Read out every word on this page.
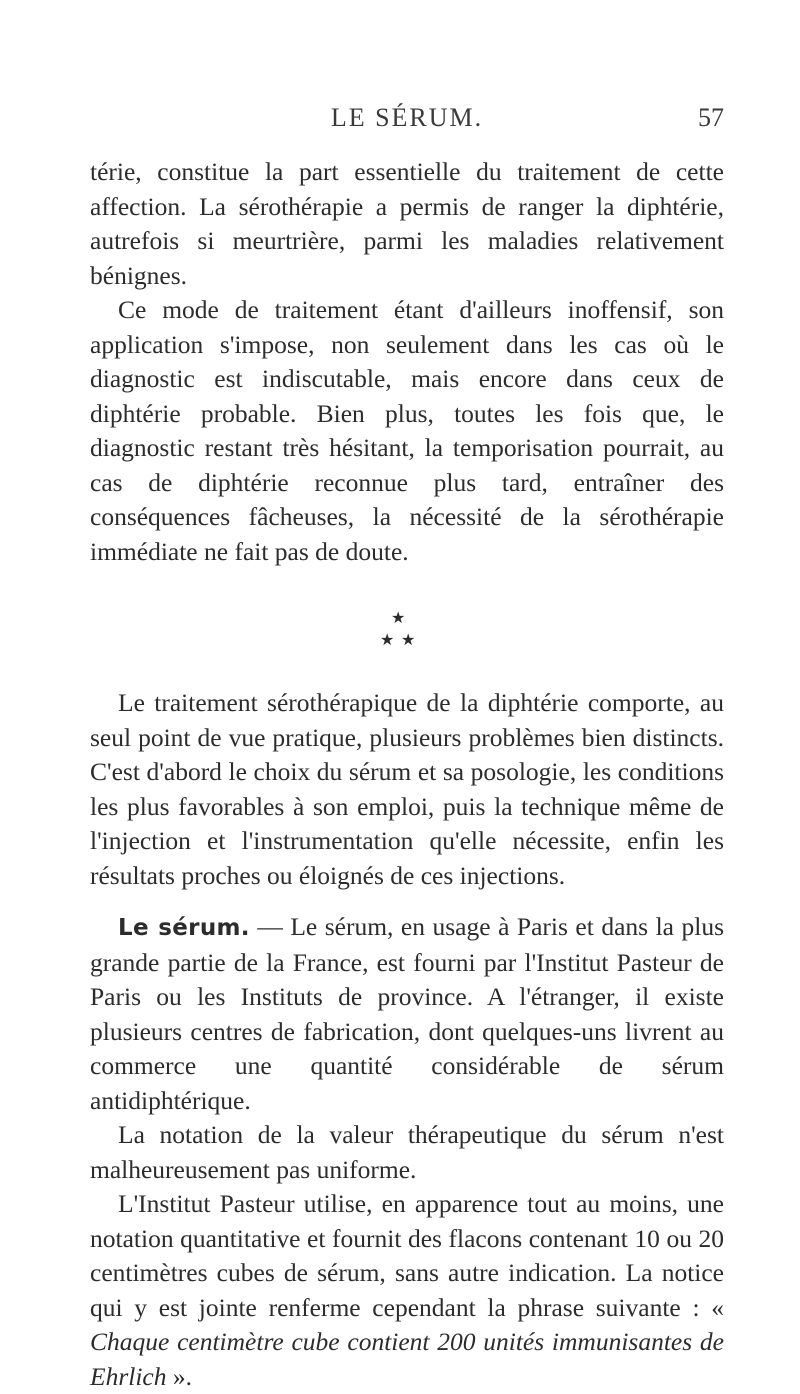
LE SÉRUM.	57

térie, constitue la part essentielle du traitement de cette affection. La sérothérapie a permis de ranger la diphtérie, autrefois si meurtrière, parmi les maladies relativement bénignes.

Ce mode de traitement étant d'ailleurs inoffensif, son application s'impose, non seulement dans les cas où le diagnostic est indiscutable, mais encore dans ceux de diphtérie probable. Bien plus, toutes les fois que, le diagnostic restant très hésitant, la temporisation pourrait, au cas de diphtérie reconnue plus tard, entraîner des conséquences fâcheuses, la nécessité de la sérothérapie immédiate ne fait pas de doute.

★
★ ★

Le traitement sérothérapique de la diphtérie comporte, au seul point de vue pratique, plusieurs problèmes bien distincts. C'est d'abord le choix du sérum et sa posologie, les conditions les plus favorables à son emploi, puis la technique même de l'injection et l'instrumentation qu'elle nécessite, enfin les résultats proches ou éloignés de ces injections.

Le sérum. — Le sérum, en usage à Paris et dans la plus grande partie de la France, est fourni par l'Institut Pasteur de Paris ou les Instituts de province. A l'étranger, il existe plusieurs centres de fabrication, dont quelques-uns livrent au commerce une quantité considérable de sérum antidiphtérique.

La notation de la valeur thérapeutique du sérum n'est malheureusement pas uniforme.

L'Institut Pasteur utilise, en apparence tout au moins, une notation quantitative et fournit des flacons contenant 10 ou 20 centimètres cubes de sérum, sans autre indication. La notice qui y est jointe renferme cependant la phrase suivante : « Chaque centimètre cube contient 200 unités immunisantes de Ehrlich ».
